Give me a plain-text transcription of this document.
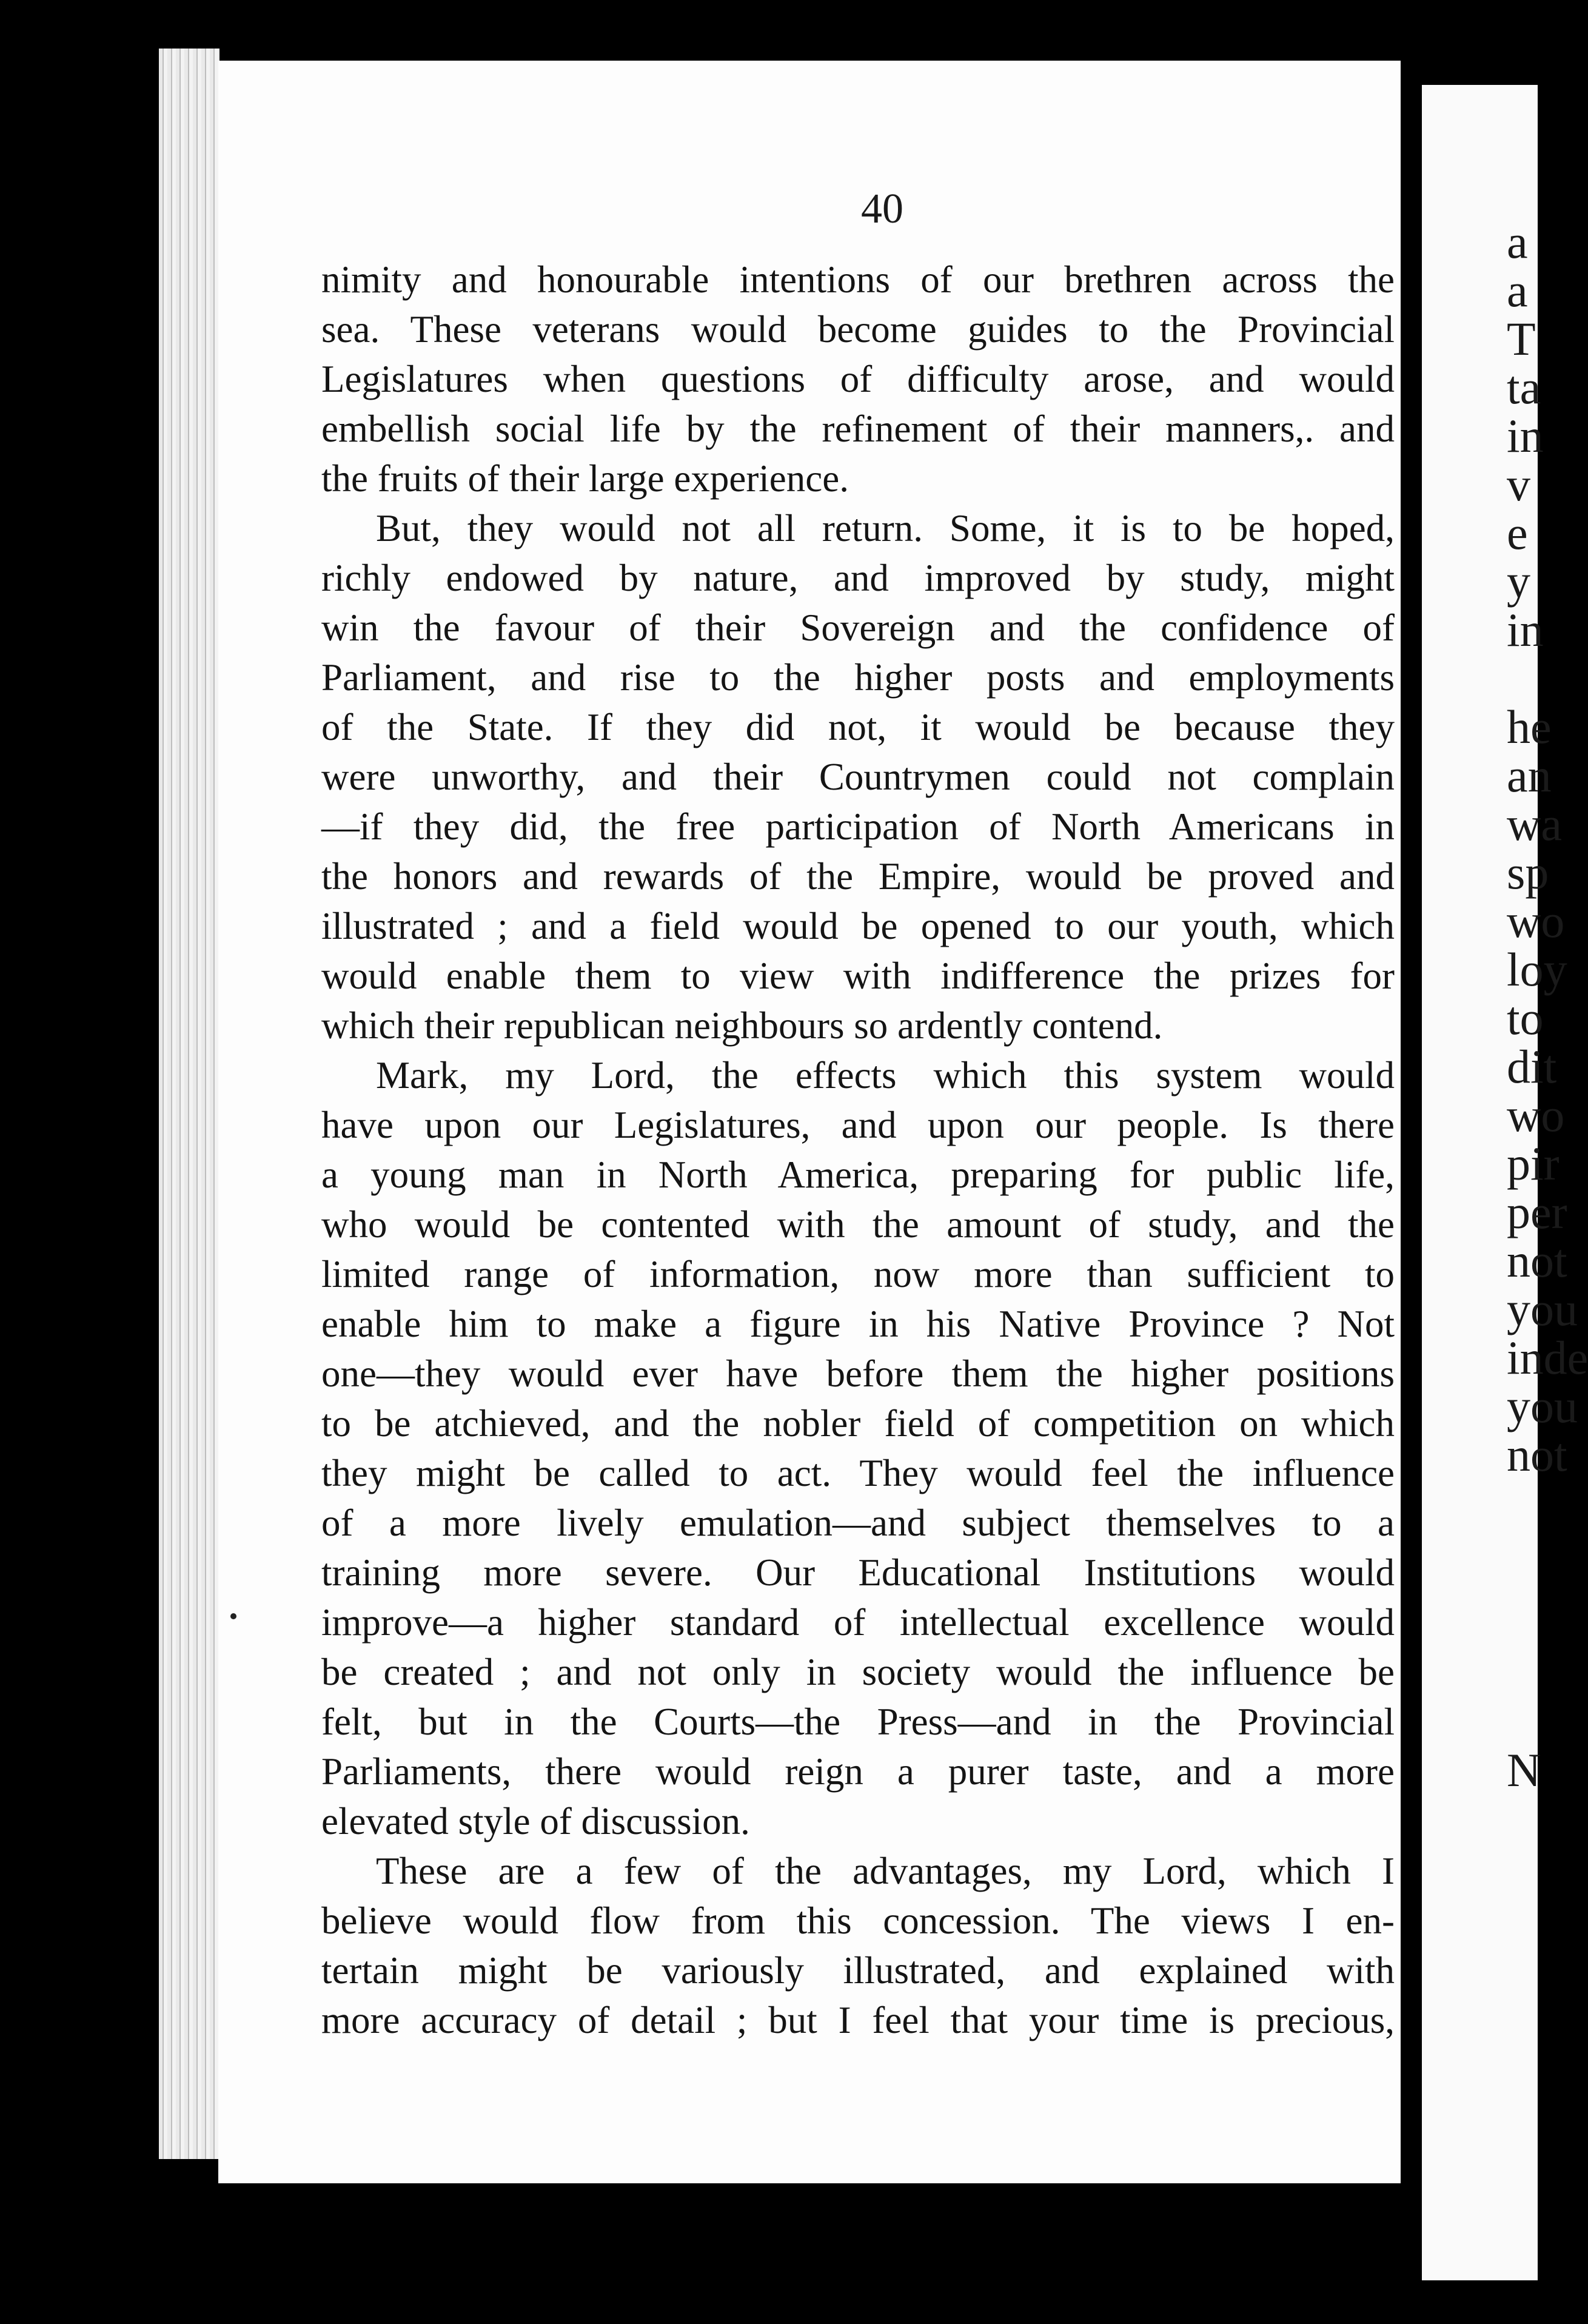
a
a
T
ta
in
v
e
y
in
he
an
wa
sp
wo
loy
to
dit
wo
pir
per
not
you
inde
you
not
N
40
nimity and honourable intentions of our brethren across the
sea. These veterans would become guides to the Provincial
Legislatures when questions of difficulty arose, and would
embellish social life by the refinement of their manners,. and
the fruits of their large experience.
But, they would not all return. Some, it is to be hoped,
richly endowed by nature, and improved by study, might
win the favour of their Sovereign and the confidence of
Parliament, and rise to the higher posts and employments
of the State. If they did not, it would be because they
were unworthy, and their Countrymen could not complain
—if they did, the free participation of North Americans in
the honors and rewards of the Empire, would be proved and
illustrated ; and a field would be opened to our youth, which
would enable them to view with indifference the prizes for
which their republican neighbours so ardently contend.
Mark, my Lord, the effects which this system would
have upon our Legislatures, and upon our people. Is there
a young man in North America, preparing for public life,
who would be contented with the amount of study, and the
limited range of information, now more than sufficient to
enable him to make a figure in his Native Province ? Not
one—they would ever have before them the higher positions
to be atchieved, and the nobler field of competition on which
they might be called to act. They would feel the influence
of a more lively emulation—and subject themselves to a
training more severe. Our Educational Institutions would
improve—a higher standard of intellectual excellence would
be created ; and not only in society would the influence be
felt, but in the Courts—the Press—and in the Provincial
Parliaments, there would reign a purer taste, and a more
elevated style of discussion.
These are a few of the advantages, my Lord, which I
believe would flow from this concession. The views I en-
tertain might be variously illustrated, and explained with
more accuracy of detail ; but I feel that your time is precious,
